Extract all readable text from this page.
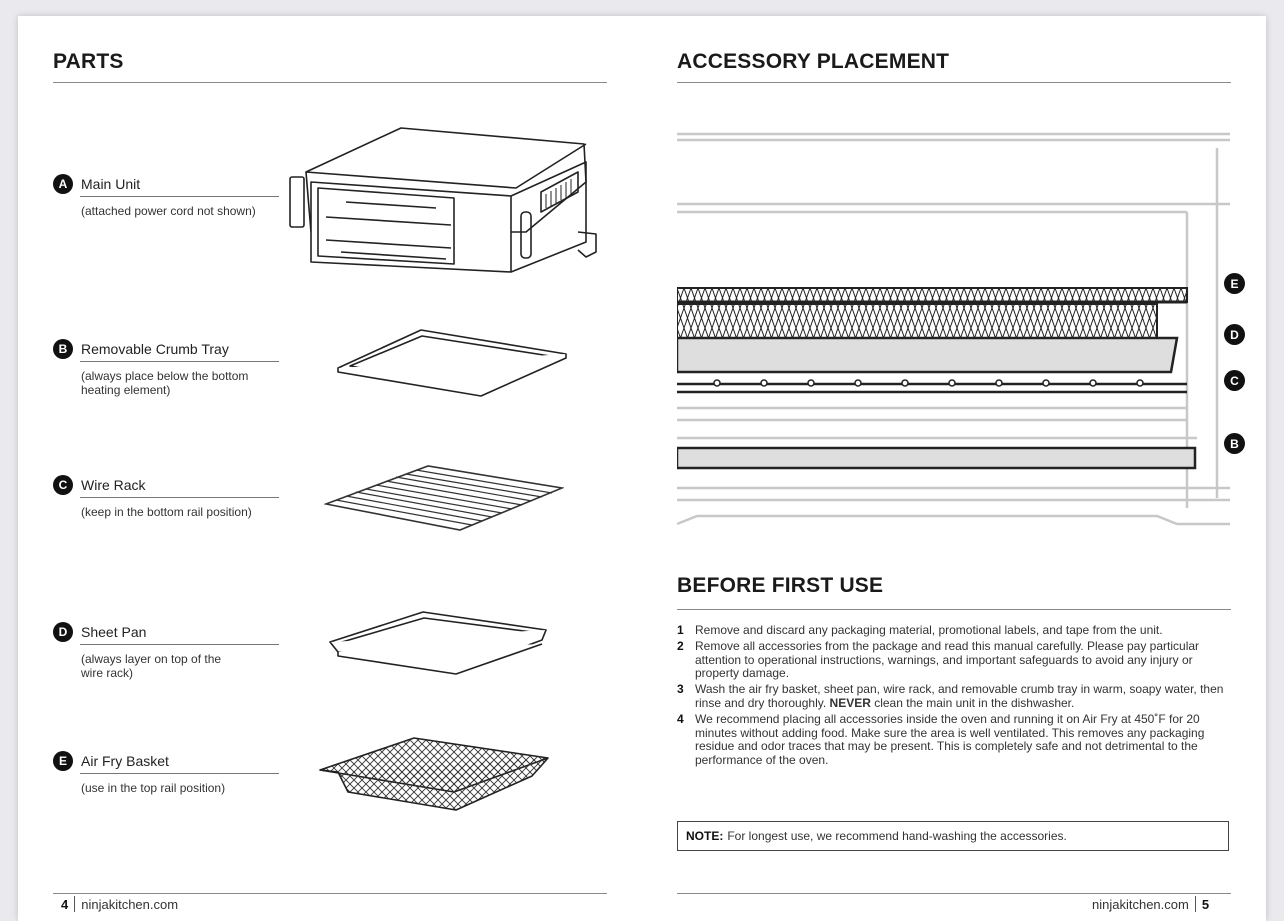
PARTS
A Main Unit
(attached power cord not shown)
B Removable Crumb Tray
(always place below the bottom heating element)
C Wire Rack
(keep in the bottom rail position)
D Sheet Pan
(always layer on top of the wire rack)
E	Air Fry Basket
(use in the top rail position)
4 ninjakitchen.com
ACCESSORY PLACEMENT
E
D
C
B
BEFORE FIRST USE
ninjakitchen.com 5
1 Remove and discard any packaging material, promotional labels, and tape from the unit.
2 Remove all accessories from the package and read this manual carefully. Please pay particular attention to operational instructions, warnings, and important safeguards to avoid any injury or property damage.
3 Wash the air fry basket, sheet pan, wire rack, and removable crumb tray in warm, soapy water, then rinse and dry thoroughly. NEVER clean the main unit in the dishwasher.
4 We recommend placing all accessories inside the oven and running it on Air Fry at 450˚F for 20 minutes without adding food. Make sure the area is well ventilated. This removes any packaging residue and odor traces that may be present. This is completely safe and not detrimental to the performance of the oven.
NOTE: For longest use, we recommend hand-washing the accessories.
